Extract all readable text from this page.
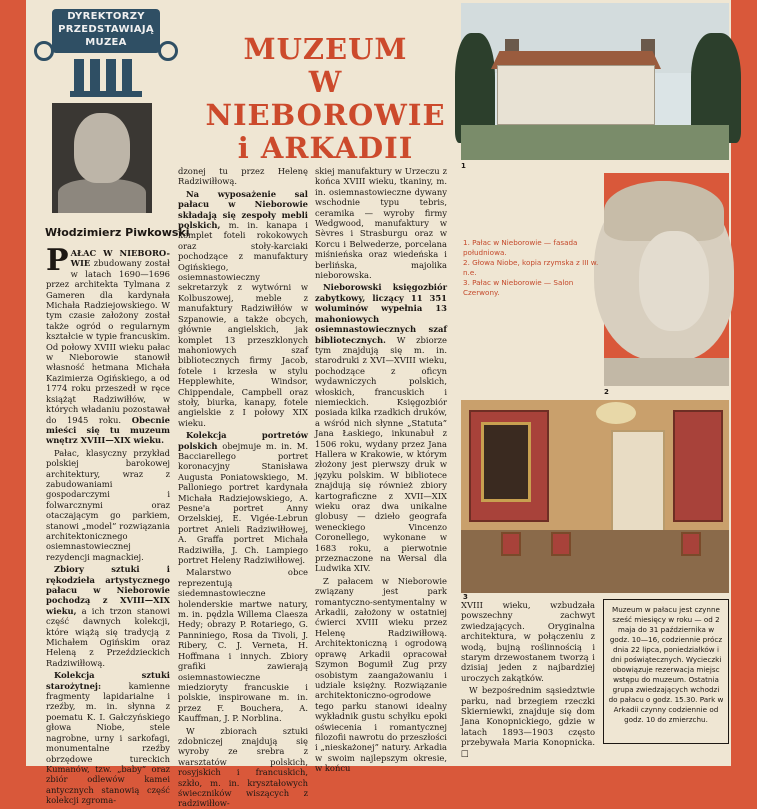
DYREKTORZY
PRZEDSTAWIAJĄ
MUZEA	MUZEUM
W
NIEBOROWIE
i ARKADII
Włodzimierz Piwkowski

PAŁAC W NIEBORO-WIE zbudowany został w latach 1690—1696 przez architekta Tylmana z Gameren dla kardynała Michała Radziejowskiego. W tym czasie założony został także ogród o regularnym kształcie w typie francuskim. Od połowy XVIII wieku pałac w Nieborowie stanowił własność hetmana Michała Kazimierza Ogińskiego, a od 1774 roku przeszedł w ręce książąt Radziwiłłów, w których władaniu pozostawał do 1945 roku. Obecnie mieści się tu muzeum wnętrz XVIII—XIX wieku.

Pałac, klasyczny przykład polskiej barokowej architektury, wraz z zabudowaniami gospodarczymi i folwarcznymi oraz otaczającym go parkiem, stanowi „model” rozwiązania architektonicznego osiemnastowiecznej rezydencji magnackiej.

Zbiory sztuki i rękodzieła artystycznego pałacu w Nieborowie pochodzą z XVIII—XIX wieku, a ich trzon stanowi część dawnych kolekcji, które wiążą się tradycją z Michałem Ogińskim oraz Heleną z Przeździeckich Radziwiłłową.

Kolekcja sztuki starożytnej: kamienne fragmenty lapidarialne i rzeźby, m. in. słynna z poematu K. I. Gałczyńskiego głowa Niobe, stele nagrobne, urny i sarkofagi, monumentalne rzeźby obrzędowe tureckich Kumanów, tzw. „baby” oraz zbiór odlewów kamei antycznych stanowią część kolekcji zgroma-

dzonej tu przez Helenę Radziwiłłową.

Na wyposażenie sal pałacu w Nieborowie składają się zespoły mebli polskich, m. in. kanapa i komplet foteli rokokowych oraz stoły-karciaki pochodzące z manufaktury Ogińskiego, osiemnastowieczny sekretarzyk z wytwórni w Kolbuszowej, meble z manufaktury Radziwiłłów w Szpanowie, a także obcych, głównie angielskich, jak komplet 13 przeszklonych mahoniowych szaf bibliotecznych firmy Jacob, fotele i krzesła w stylu Hepplewhite, Windsor, Chippendale, Campbell oraz stoły, biurka, kanapy, fotele angielskie z I połowy XIX wieku.

Kolekcja portretów polskich obejmuje m. in. M. Bacciarellego portret koronacyjny Stanisława Augusta Poniatowskiego, M. Palloniego portret kardynała Michała Radziejowskiego, A. Pesne'a portret Anny Orzelskiej, E. Vigée-Lebrun portret Anieli Radziwiłłowej, A. Graffa portret Michała Radziwiłła, J. Ch. Lampiego portret Heleny Radziwiłłowej.

Malarstwo obce reprezentują siedemnastowieczne holenderskie martwe natury, m. in. pędzla Willema Claesza Hedy; obrazy P. Rotariego, G. Panniniego, Rosa da Tivoli, J. Ribery, C. J. Verneta, H. Hoffmana i innych. Zbiory grafiki zawierają osiemnastowieczne miedzioryty francuskie i polskie, inspirowane m. in. przez F. Bouchera, A. Kauffman, J. P. Norblina.

W zbiorach sztuki zdobniczej znajdują się wyroby ze srebra z warsztatów polskich, rosyjskich i francuskich, szkło, m. in. kryształowych świeczników wiszących z radziwiłłow-

skiej manufaktury w Urzeczu z końca XVIII wieku, tkaniny, m. in. osiemnastowieczne dywany wschodnie typu tebris, ceramika — wyroby firmy Wedgwood, manufaktury w Sèvres i Strasburgu oraz w Korcu i Belwederze, porcelana miśnieńska oraz wiedeńska i berlińska, majolika nieborowska.

Nieborowski księgozbiór zabytkowy, liczący 11 351 woluminów wypełnia 13 mahoniowych osiemnastowiecznych szaf bibliotecznych. W zbiorze tym znajdują się m. in. starodruki z XVI—XVIII wieku, pochodzące z oficyn wydawniczych polskich, włoskich, francuskich i niemieckich. Księgozbiór posiada kilka rzadkich druków, a wśród nich słynne „Statuta” Jana Łaskiego, inkunabuł z 1506 roku, wydany przez Jana Hallera w Krakowie, w którym złożony jest pierwszy druk w języku polskim. W bibliotece znajdują się również zbiory kartograficzne z XVII—XIX wieku oraz dwa unikalne globusy — dzieło geografa weneckiego Vincenzo Coronellego, wykonane w 1683 roku, a pierwotnie przeznaczone na Wersal dla Ludwika XIV.

Z pałacem w Nieborowie związany jest park romantyczno-sentymentalny w Arkadii, założony w ostatniej ćwierci XVIII wieku przez Helenę Radziwiłłową. Architektoniczną i ogrodową oprawę Arkadii opracował Szymon Bogumił Zug przy osobistym zaangażowaniu i udziale księżny. Rozwiązanie architektoniczno-ogrodowe tego parku stanowi idealny wykładnik gustu schyłku epoki oświecenia i romantycznej filozofii nawrotu do przeszłości i „nieskażonej” natury. Arkadia w swoim najlepszym okresie, w końcu

XVIII wieku, wzbudzała powszechny zachwyt zwiedzających. Oryginalna architektura, w połączeniu z wodą, bujną roślinnością i starym drzewostanem tworzą i dzisiaj jeden z najbardziej uroczych zakątków.

W bezpośrednim sąsiedztwie parku, nad brzegiem rzeczki Skierniewki, znajduje się dom Jana Konopnickiego, gdzie w latach 1893—1903 często przebywała Maria Konopnicka. □

1
2
1. Pałac w Nieborowie — fasada południowa.
2. Głowa Niobe, kopia rzymska z III w. n.e.
3. Pałac w Nieborowie — Salon Czerwony.
3
Muzeum w pałacu jest czynne sześć miesięcy w roku — od 2 maja do 31 października w godz. 10—16, codziennie prócz dnia 22 lipca, poniedziałków i dni poświątecznych. Wycieczki obowiązuje rezerwacja miejsc wstępu do muzeum. Ostatnia grupa zwiedzających wchodzi do pałacu o godz. 15.30. Park w Arkadii czynny codziennie od godz. 10 do zmierzchu.
